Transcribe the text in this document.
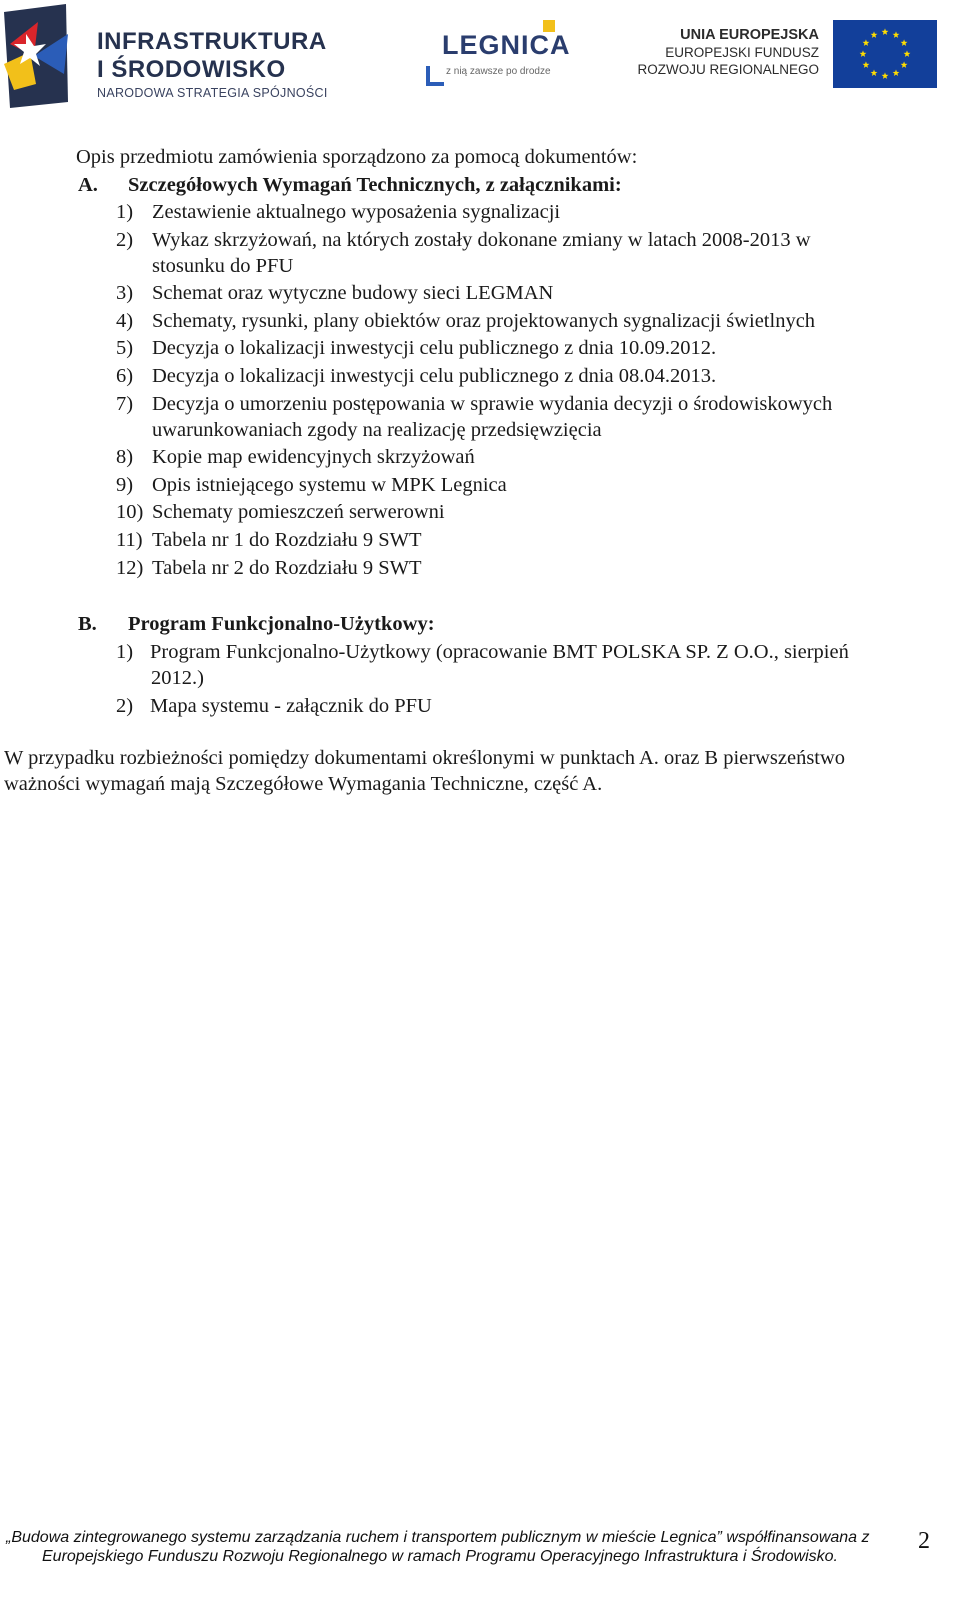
INFRASTRUKTURA
I ŚRODOWISKO
NARODOWA STRATEGIA SPÓJNOŚCI
LEGNICA
z nią zawsze po drodze
UNIA EUROPEJSKA
EUROPEJSKI FUNDUSZ
ROZWOJU REGIONALNEGO
Opis przedmiotu zamówienia sporządzono za pomocą dokumentów:
A. Szczegółowych Wymagań Technicznych, z załącznikami:
1) Zestawienie aktualnego wyposażenia sygnalizacji
2) Wykaz skrzyżowań, na których zostały dokonane zmiany w latach 2008-2013 w
stosunku do PFU
3) Schemat oraz wytyczne budowy sieci LEGMAN
4) Schematy, rysunki, plany obiektów oraz projektowanych sygnalizacji świetlnych
5) Decyzja o lokalizacji inwestycji celu publicznego z dnia 10.09.2012.
6) Decyzja o lokalizacji inwestycji celu publicznego z dnia 08.04.2013.
7) Decyzja o umorzeniu postępowania w sprawie wydania decyzji o środowiskowych
uwarunkowaniach zgody na realizację przedsięwzięcia
8) Kopie map ewidencyjnych skrzyżowań
9) Opis istniejącego systemu w MPK Legnica
10) Schematy pomieszczeń serwerowni
11) Tabela nr 1 do Rozdziału 9 SWT
12) Tabela nr 2 do Rozdziału 9 SWT
B. Program Funkcjonalno-Użytkowy:
1) Program Funkcjonalno-Użytkowy (opracowanie BMT POLSKA SP. Z O.O., sierpień
2012.)
2) Mapa systemu - załącznik do PFU
W przypadku rozbieżności pomiędzy dokumentami określonymi w punktach A. oraz B pierwszeństwo
ważności wymagań mają Szczegółowe Wymagania Techniczne, część A.
„Budowa zintegrowanego systemu zarządzania ruchem i transportem publicznym w mieście Legnica” współfinansowana z
Europejskiego Funduszu Rozwoju Regionalnego w ramach Programu Operacyjnego Infrastruktura i Środowisko.
2
